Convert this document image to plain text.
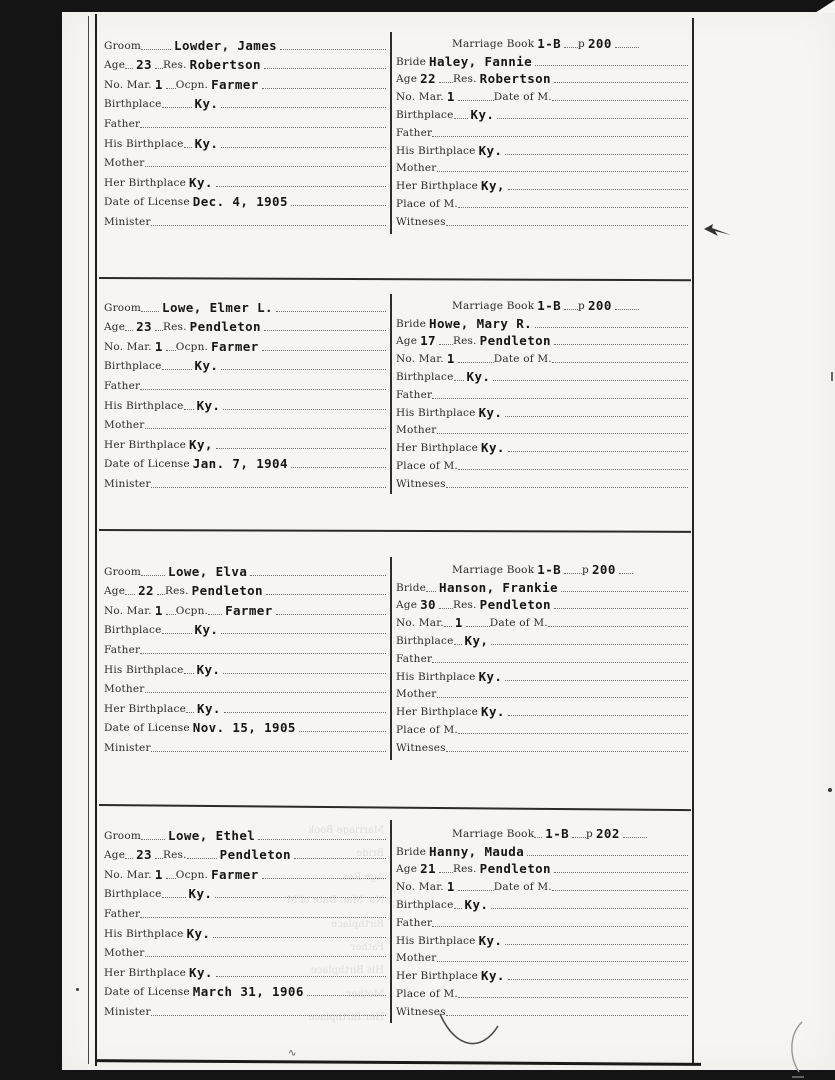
Groom	Lowder, James
Age 23 Res. Robertson
No. Mar. 1 Ocpn. Farmer
Birthplace	Ky.
Father
His Birthplace Ky.
Mother
Her Birthplace Ky.
Date of License Dec. 4, 1905
Minister
Marriage Book 1-B p 200
Bride Haley, Fannie
Age 22 Res. Robertson
No. Mar. 1	Date of M.
Birthplace Ky.
Father
His Birthplace Ky.
Mother
Her Birthplace Ky,
Place of M.
Witneses
Groom Lowe, Elmer L.
Age 23 Res. Pendleton
No. Mar. 1 Ocpn. Farmer
Birthplace	Ky.
Father
His Birthplace Ky.
Mother
Her Birthplace Ky,
Date of License Jan. 7, 1904
Minister
Marriage Book 1-B p 200
Bride Howe, Mary R.
Age 17 Res. Pendleton
No. Mar. 1	Date of M.
Birthplace Ky.
Father
His Birthplace Ky.
Mother
Her Birthplace Ky.
Place of M.
Witneses
Groom Lowe, Elva
Age 22 Res. Pendleton
No. Mar. 1 Ocpn. Farmer
Birthplace	Ky.
Father
His Birthplace Ky.
Mother
Her Birthplace Ky.
Date of License Nov. 15, 1905
Minister
Marriage Book 1-B p 200
Bride Hanson, Frankie
Age 30 Res. Pendleton
No. Mar. 1	Date of M.
Birthplace Ky,
Father
His Birthplace Ky.
Mother
Her Birthplace Ky.
Place of M.
Witneses
Marriage Book
Bride
Age Res.
No. Mar. Date of M
Birthplace
Father
His Birthplace
Mother
Her Birthplace
Groom Lowe, Ethel
Age 23 Res.	Pendleton
No. Mar. 1 Ocpn. Farmer
Birthplace Ky.
Father
His Birthplace Ky.
Mother
Her Birthplace Ky.
Date of License March 31, 1906
Minister
Marriage Book 1-B p 202
Bride Hanny, Mauda
Age 21 Res. Pendleton
No. Mar. 1	Date of M.
Birthplace Ky.
Father
His Birthplace Ky.
Mother
Her Birthplace Ky.
Place of M.
Witneses
∿
